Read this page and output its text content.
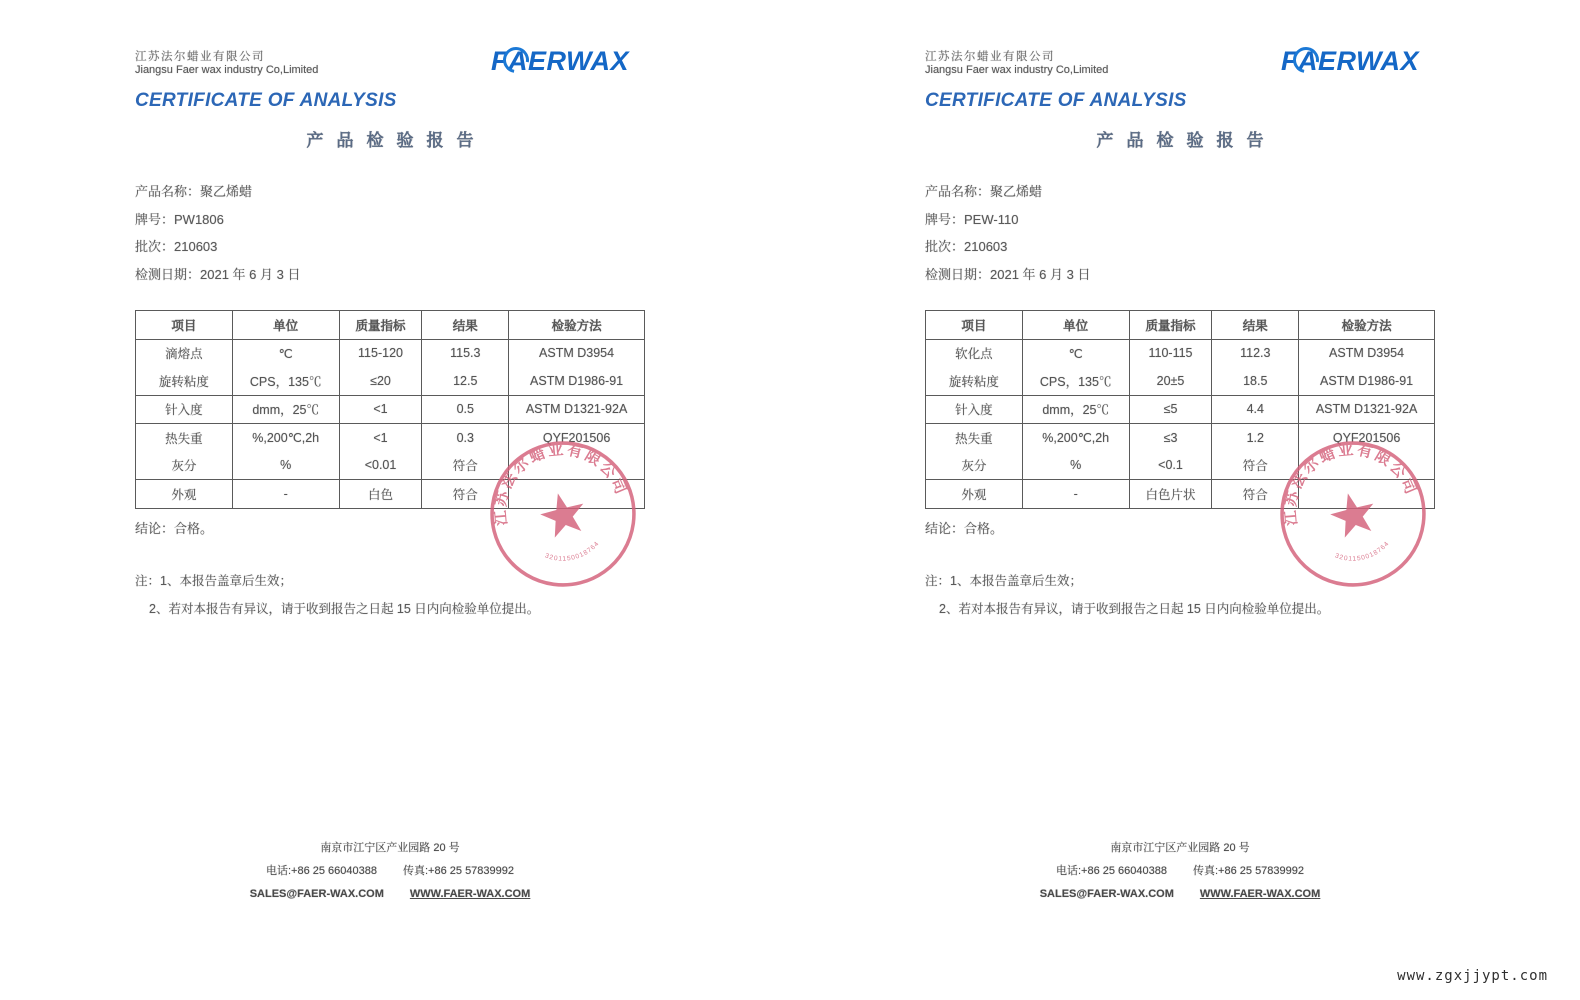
江苏法尔蜡业有限公司
Jiangsu Faer wax industry Co,Limited	FAERWAX
CERTIFICATE OF ANALYSIS
产品检验报告
产品名称：聚乙烯蜡
牌号：PW1806
批次：210603
检测日期：2021 年 6 月 3 日
项目	单位	质量指标	结果	检验方法
滴熔点	℃	115-120	115.3	ASTM D3954
旋转粘度	CPS，135℃	≤20	12.5	ASTM D1986-91
针入度	dmm，25℃	<1	0.5	ASTM D1321-92A
热失重	%,200℃,2h	<1	0.3	QYF201506
灰分	%	<0.01	符合	
外观	-	白色	符合	
江苏法尔蜡业有限公司
3201150018764
结论：合格。
注：1、本报告盖章后生效；
2、若对本报告有异议，请于收到报告之日起 15 日内向检验单位提出。
南京市江宁区产业园路 20 号
电话:+86 25 66040388 传真:+86 25 57839992
SALES@FAER-WAX.COM WWW.FAER-WAX.COM
江苏法尔蜡业有限公司
Jiangsu Faer wax industry Co,Limited	FAERWAX
CERTIFICATE OF ANALYSIS
产品检验报告
产品名称：聚乙烯蜡
牌号：PEW-110
批次：210603
检测日期：2021 年 6 月 3 日
项目	单位	质量指标	结果	检验方法
软化点	℃	110-115	112.3	ASTM D3954
旋转粘度	CPS，135℃	20±5	18.5	ASTM D1986-91
针入度	dmm，25℃	≤5	4.4	ASTM D1321-92A
热失重	%,200℃,2h	≤3	1.2	QYF201506
灰分	%	<0.1	符合	
外观	-	白色片状	符合	
江苏法尔蜡业有限公司
3201150018764
结论：合格。
注：1、本报告盖章后生效；
2、若对本报告有异议，请于收到报告之日起 15 日内向检验单位提出。
南京市江宁区产业园路 20 号
电话:+86 25 66040388 传真:+86 25 57839992
SALES@FAER-WAX.COM WWW.FAER-WAX.COM
www.zgxjjypt.com
